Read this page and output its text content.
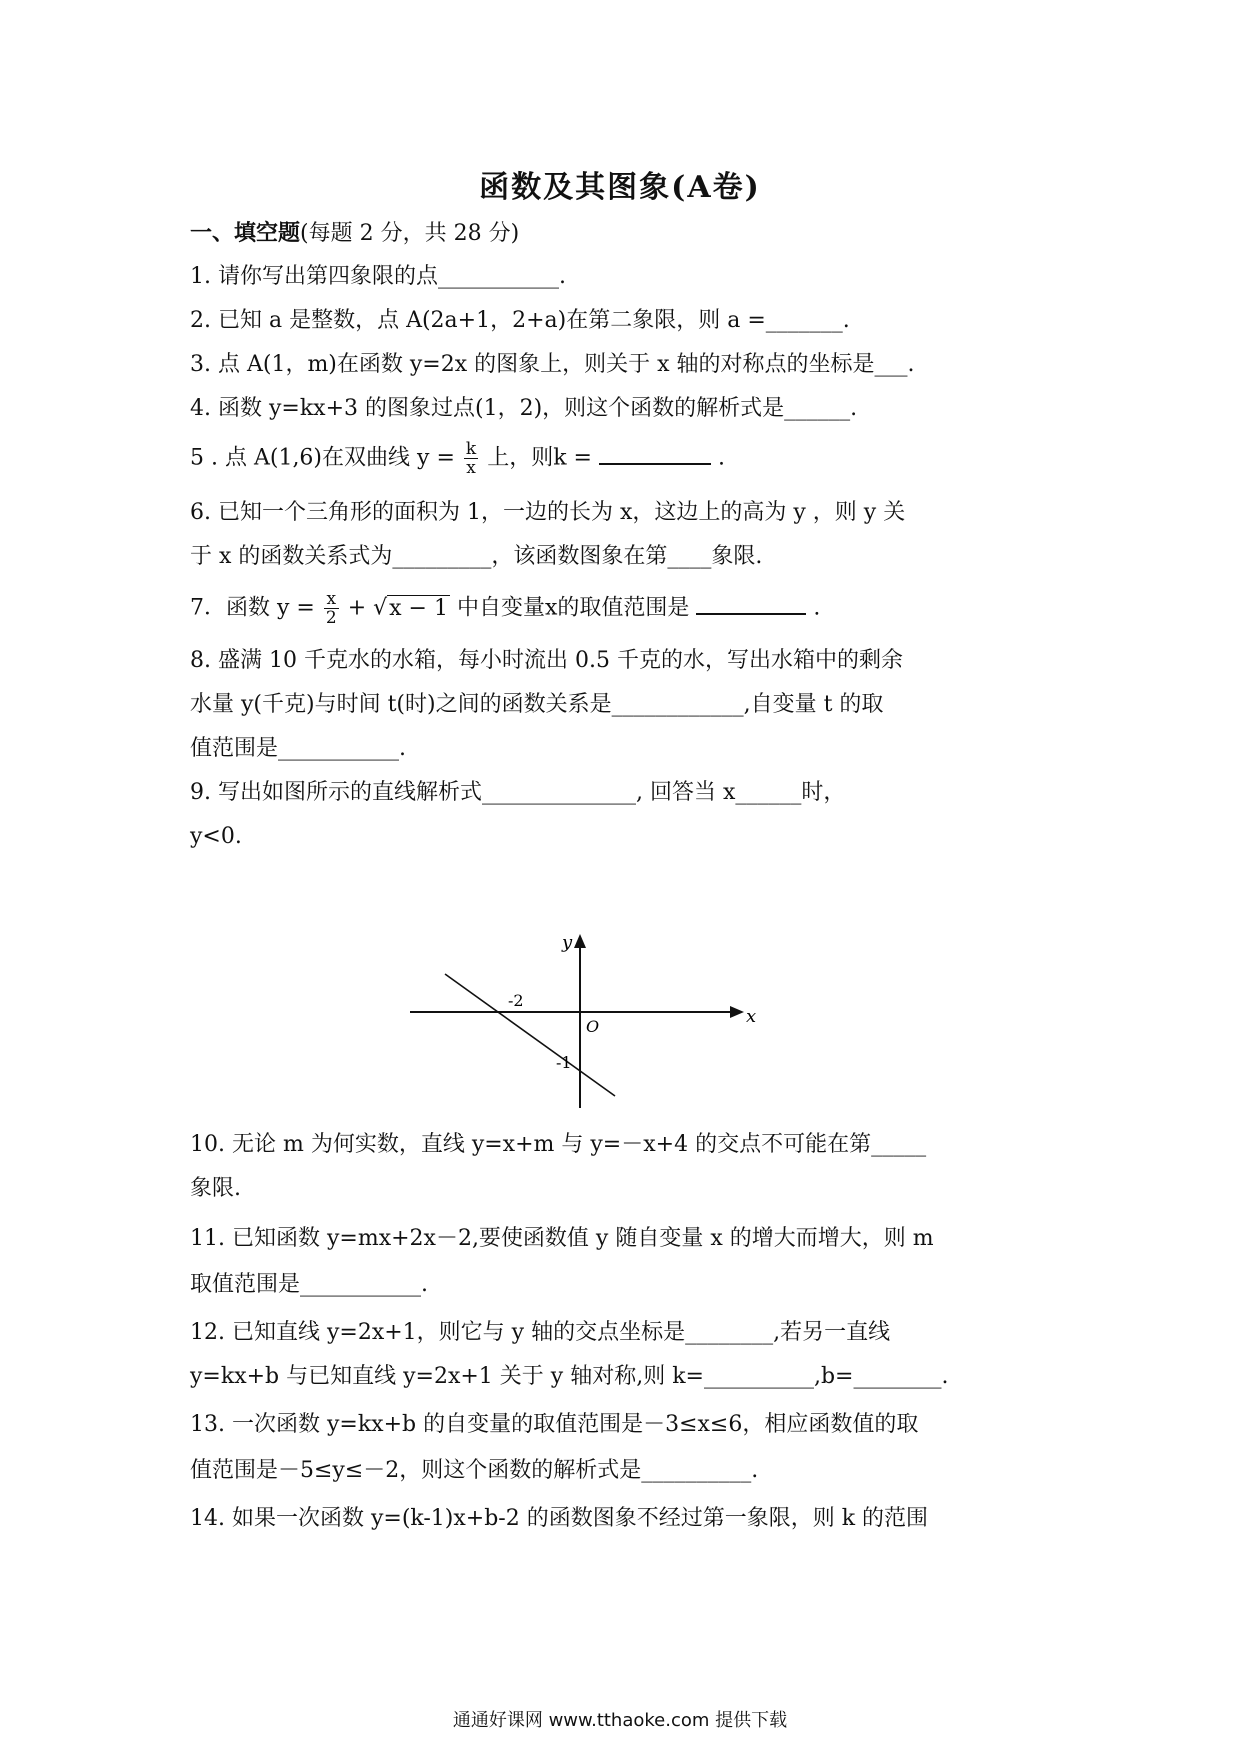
函数及其图象(A卷)
一、填空题(每题 2 分，共 28 分)
1. 请你写出第四象限的点___________.
2. 已知 a 是整数，点 A(2a+1，2+a)在第二象限，则 a =_______.
3. 点 A(1，m)在函数 y=2x 的图象上，则关于 x 轴的对称点的坐标是___.
4. 函数 y=kx+3 的图象过点(1，2)，则这个函数的解析式是______.
5 . 点 A(1,6)在双曲线 $y = \frac{k}{x}$ 上，则k =	.
6. 已知一个三角形的面积为 1，一边的长为 x，这边上的高为 y ，则 y 关
于 x 的函数关系式为_________，该函数图象在第____象限.
7．函数 $y = \frac{x}{2} + √x - 1$ 中自变量x的取值范围是	.
8. 盛满 10 千克水的水箱，每小时流出 0.5 千克的水，写出水箱中的剩余
水量 y(千克)与时间 t(时)之间的函数关系是____________,自变量 t 的取
值范围是___________.
9. 写出如图所示的直线解析式______________, 回答当 x______时，
y<0.
x
y
O
-2
-1
10. 无论 m 为何实数，直线 y=x+m 与 y=－x+4 的交点不可能在第_____
象限.
11. 已知函数 y=mx+2x－2,要使函数值 y 随自变量 x 的增大而增大，则 m
取值范围是___________.
12. 已知直线 y=2x+1，则它与 y 轴的交点坐标是________,若另一直线
y=kx+b 与已知直线 y=2x+1 关于 y 轴对称,则 k=__________,b=________.
13. 一次函数 y=kx+b 的自变量的取值范围是－3≤x≤6，相应函数值的取
值范围是－5≤y≤－2，则这个函数的解析式是__________.
14. 如果一次函数 y=(k-1)x+b-2 的函数图象不经过第一象限，则 k 的范围
通通好课网 www.tthaoke.com 提供下载
